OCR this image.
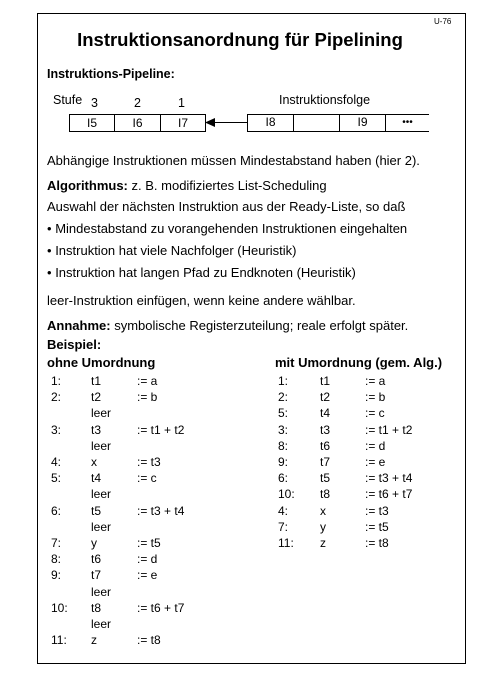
U-76
Instruktionsanordnung für Pipelining
Instruktions-Pipeline:
Stufe 3	2	1	Instruktionsfolge
I5	I6	I7	I8	I9	•••
Abhängige Instruktionen müssen Mindestabstand haben (hier 2).
Algorithmus: z. B. modifiziertes List-Scheduling
Auswahl der nächsten Instruktion aus der Ready-Liste, so daß
• Mindestabstand zu vorangehenden Instruktionen eingehalten
• Instruktion hat viele Nachfolger (Heuristik)
• Instruktion hat langen Pfad zu Endknoten (Heuristik)
leer-Instruktion einfügen, wenn keine andere wählbar.
Annahme: symbolische Registerzuteilung; reale erfolgt später.
Beispiel:
ohne Umordnung	mit Umordnung (gem. Alg.)
1: t1	:= a
2: t2	:= b
leer
3: t3	:= t1 + t2
leer
4: x	:= t3
5: t4	:= c
leer
6: t5	:= t3 + t4
leer
7: y	:= t5
8: t6	:= d
9: t7	:= e
leer
10: t8	:= t6 + t7
leer
11: z	:= t8
1:	t1	:= a
2:	t2	:= b
5:	t4	:= c
3:	t3	:= t1 + t2
8:	t6	:= d
9:	t7	:= e
6:	t5	:= t3 + t4
10: t8	:= t6 + t7
4:	x	:= t3
7:	y	:= t5
11: z	:= t8
